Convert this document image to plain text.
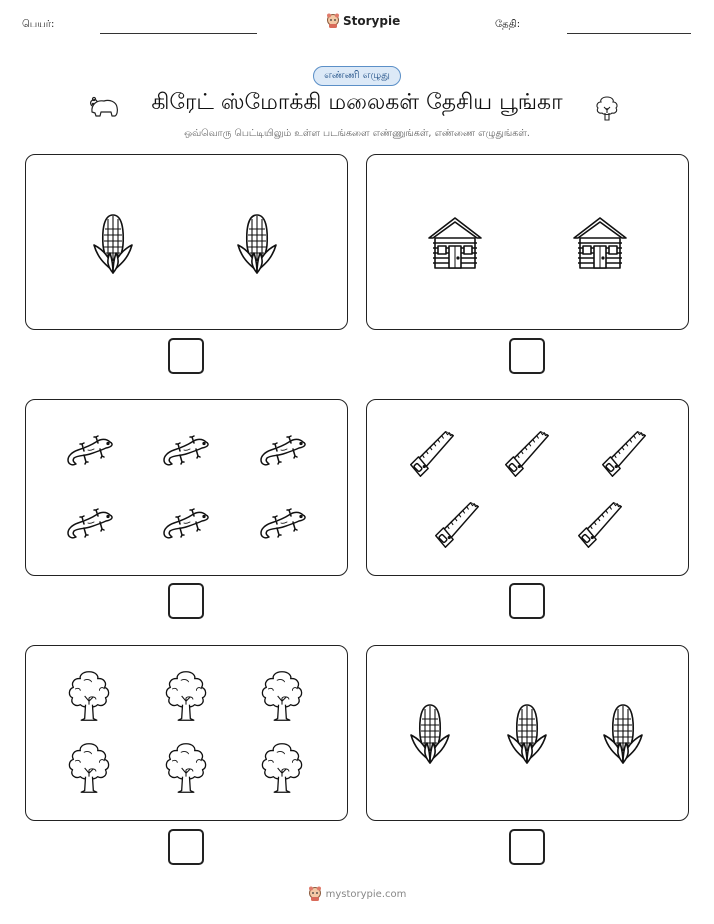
பெயர்:	Storypie	தேதி:
எண்ணி எழுது
கிரேட் ஸ்மோக்கி மலைகள் தேசிய பூங்கா
ஒவ்வொரு பெட்டியிலும் உள்ள படங்களை எண்ணுங்கள், எண்ணை எழுதுங்கள்.
mystorypie.com
